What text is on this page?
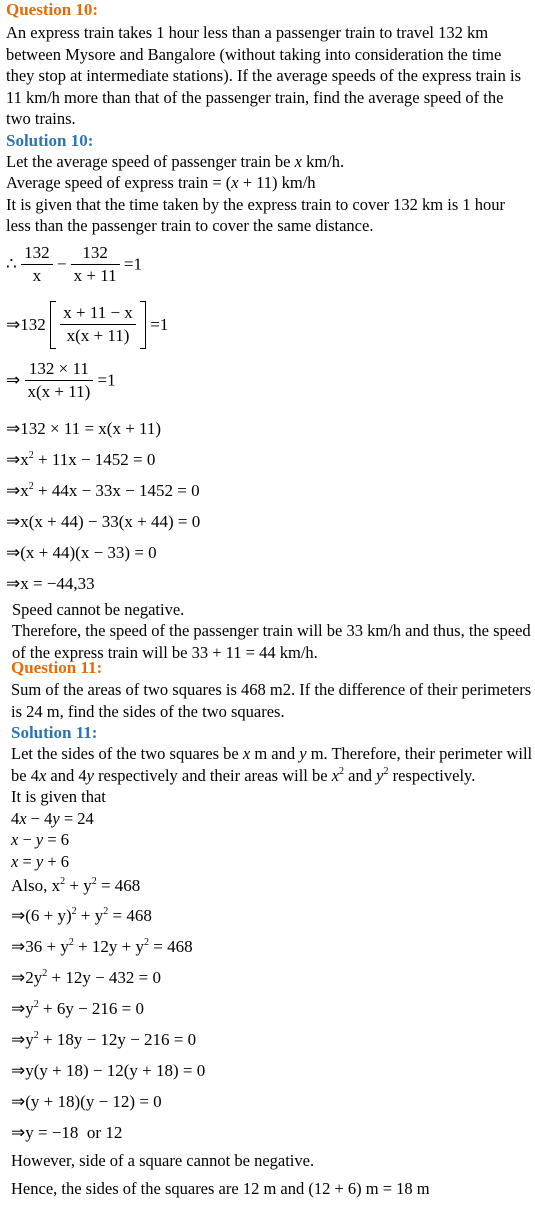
Question 10:
An express train takes 1 hour less than a passenger train to travel 132 km between Mysore and Bangalore (without taking into consideration the time they stop at intermediate stations). If the average speeds of the express train is 11 km/h more than that of the passenger train, find the average speed of the two trains.
Solution 10:
Let the average speed of passenger train be x km/h.
Average speed of express train = (x + 11) km/h
It is given that the time taken by the express train to cover 132 km is 1 hour less than the passenger train to cover the same distance.
∴ $\frac{132}{x} - \frac{132}{x + 11} =1$
⇒132 $\frac{x + 11 - x}{x(x + 11)} =1$
⇒ $\frac{132 \times 11}{x(x + 11)} =1$
⇒132 × 11 = x(x + 11)
$\Rightarrow x^2 + 11x - 1452 = 0$
$\Rightarrow x^2 + 44x - 33x - 1452 = 0$
⇒x(x + 44) − 33(x + 44) = 0
⇒(x + 44)(x − 33) = 0
⇒x = −44,33
Speed cannot be negative.
Therefore, the speed of the passenger train will be 33 km/h and thus, the speed of the express train will be 33 + 11 = 44 km/h.
Question 11:
Sum of the areas of two squares is 468 m2. If the difference of their perimeters is 24 m, find the sides of the two squares.
Solution 11:
Let the sides of the two squares be x m and y m. Therefore, their perimeter will be 4x and 4y respectively and their areas will be $x^2$ and $y^2$ respectively.
It is given that
4x − 4y = 24
x − y = 6
x = y + 6
Also, $x^2 + y^2 = 468$
⇒(6 + $y)^2 + y^2 = 468$
⇒36 + $y^2 + 12y + y^2 = 468$
$\Rightarrow 2y^2 + 12y - 432 = 0$
$\Rightarrow y^2 + 6y - 216 = 0$
$\Rightarrow y^2 + 18y - 12y - 216 = 0$
⇒y(y + 18) − 12(y + 18) = 0
⇒(y + 18)(y − 12) = 0
⇒y = −18  or 12
However, side of a square cannot be negative.
Hence, the sides of the squares are 12 m and (12 + 6) m = 18 m
